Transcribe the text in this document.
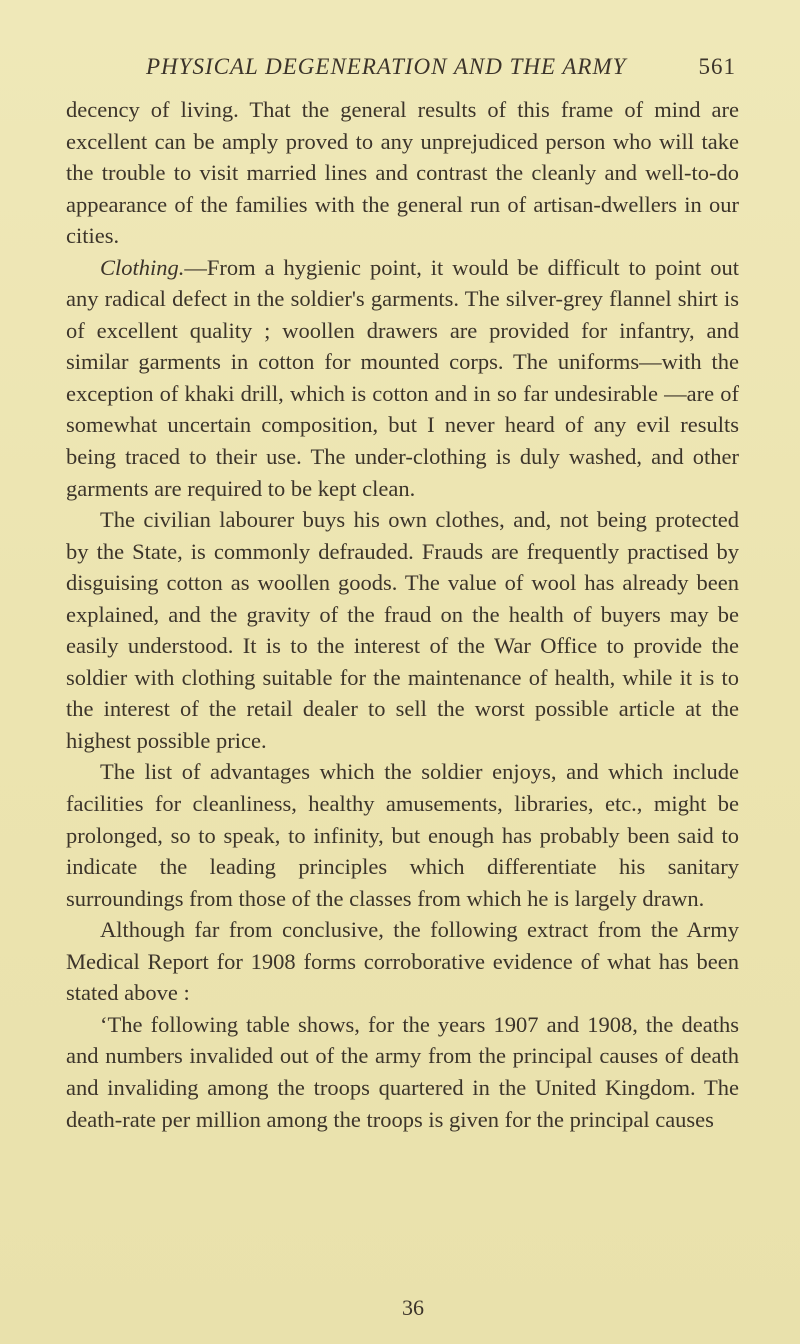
PHYSICAL DEGENERATION AND THE ARMY	561

decency of living. That the general results of this frame of mind are excellent can be amply proved to any unprejudiced person who will take the trouble to visit married lines and contrast the cleanly and well-to-do appearance of the families with the general run of artisan-dwellers in our cities.

Clothing.—From a hygienic point, it would be difficult to point out any radical defect in the soldier's garments. The silver-grey flannel shirt is of excellent quality ; woollen drawers are provided for infantry, and similar garments in cotton for mounted corps. The uniforms—with the exception of khaki drill, which is cotton and in so far undesirable —are of somewhat uncertain composition, but I never heard of any evil results being traced to their use. The under-clothing is duly washed, and other garments are required to be kept clean.

The civilian labourer buys his own clothes, and, not being protected by the State, is commonly defrauded. Frauds are frequently practised by disguising cotton as woollen goods. The value of wool has already been explained, and the gravity of the fraud on the health of buyers may be easily understood. It is to the interest of the War Office to provide the soldier with clothing suitable for the maintenance of health, while it is to the interest of the retail dealer to sell the worst possible article at the highest possible price.

The list of advantages which the soldier enjoys, and which include facilities for cleanliness, healthy amusements, libraries, etc., might be prolonged, so to speak, to infinity, but enough has probably been said to indicate the leading principles which differentiate his sanitary surroundings from those of the classes from which he is largely drawn.

Although far from conclusive, the following extract from the Army Medical Report for 1908 forms corroborative evidence of what has been stated above :

‘The following table shows, for the years 1907 and 1908, the deaths and numbers invalided out of the army from the principal causes of death and invaliding among the troops quartered in the United Kingdom. The death-rate per million among the troops is given for the principal causes

36
